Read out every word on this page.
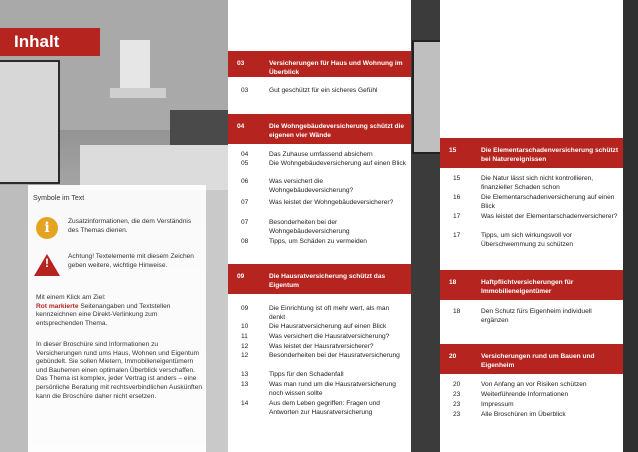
Inhalt
Symbole im Text
i	Zusatzinformationen, die dem Verständnis des Themas dienen.
!	Achtung! Textelemente mit diesem Zeichen geben weitere, wichtige Hinweise.
Mit einem Klick am Ziel:
Rot markierte Seitenangaben und Textstellen kennzeichnen eine Direkt-Verlinkung zum entsprechenden Thema.
In dieser Broschüre sind Informationen zu Versicherungen rund ums Haus, Wohnen und Eigentum gebündelt. Sie sollen Mietern, Immobilieneigentümern und Bauherren einen optimalen Überblick verschaffen. Das Thema ist komplex, jeder Vertrag ist anders – eine persönliche Beratung mit rechtsverbindlichen Auskünften kann die Broschüre daher nicht ersetzen.
03	Versicherungen für Haus und Wohnung im Überblick
03	Gut geschützt für ein sicheres Gefühl
04	Die Wohngebäudeversicherung schützt die eigenen vier Wände
04	Das Zuhause umfassend absichern
05	Die Wohngebäudeversicherung auf einen Blick
06	Was versichert die Wohngebäudeversicherung?
07	Was leistet der Wohngebäudeversicherer?
07	Besonderheiten bei der Wohngebäudeversicherung
08	Tipps, um Schäden zu vermeiden
09	Die Hausratversicherung schützt das Eigentum
09	Die Einrichtung ist oft mehr wert, als man denkt
10	Die Hausratversicherung auf einen Blick
11	Was versichert die Hausratversicherung?
12	Was leistet der Hausratversicherer?
12	Besonderheiten bei der Hausratversicherung
13	Tipps für den Schadenfall
13	Was man rund um die Hausratversicherung noch wissen sollte
14	Aus dem Leben gegriffen: Fragen und Antworten zur Hausratversicherung
15	Die Elementarschadenversicherung schützt bei Naturereignissen
15	Die Natur lässt sich nicht kontrollieren, finanzieller Schaden schon
16	Die Elementarschadenversicherung auf einen Blick
17	Was leistet der Elementarschadenversicherer?
17	Tipps, um sich wirkungsvoll vor Überschwemmung zu schützen
18	Haftpflichtversicherungen für Immobilieneigentümer
18	Den Schutz fürs Eigenheim individuell ergänzen
20	Versicherungen rund um Bauen und Eigenheim
20	Von Anfang an vor Risiken schützen
23	Weiterführende Informationen
23	Impressum
23	Alle Broschüren im Überblick
